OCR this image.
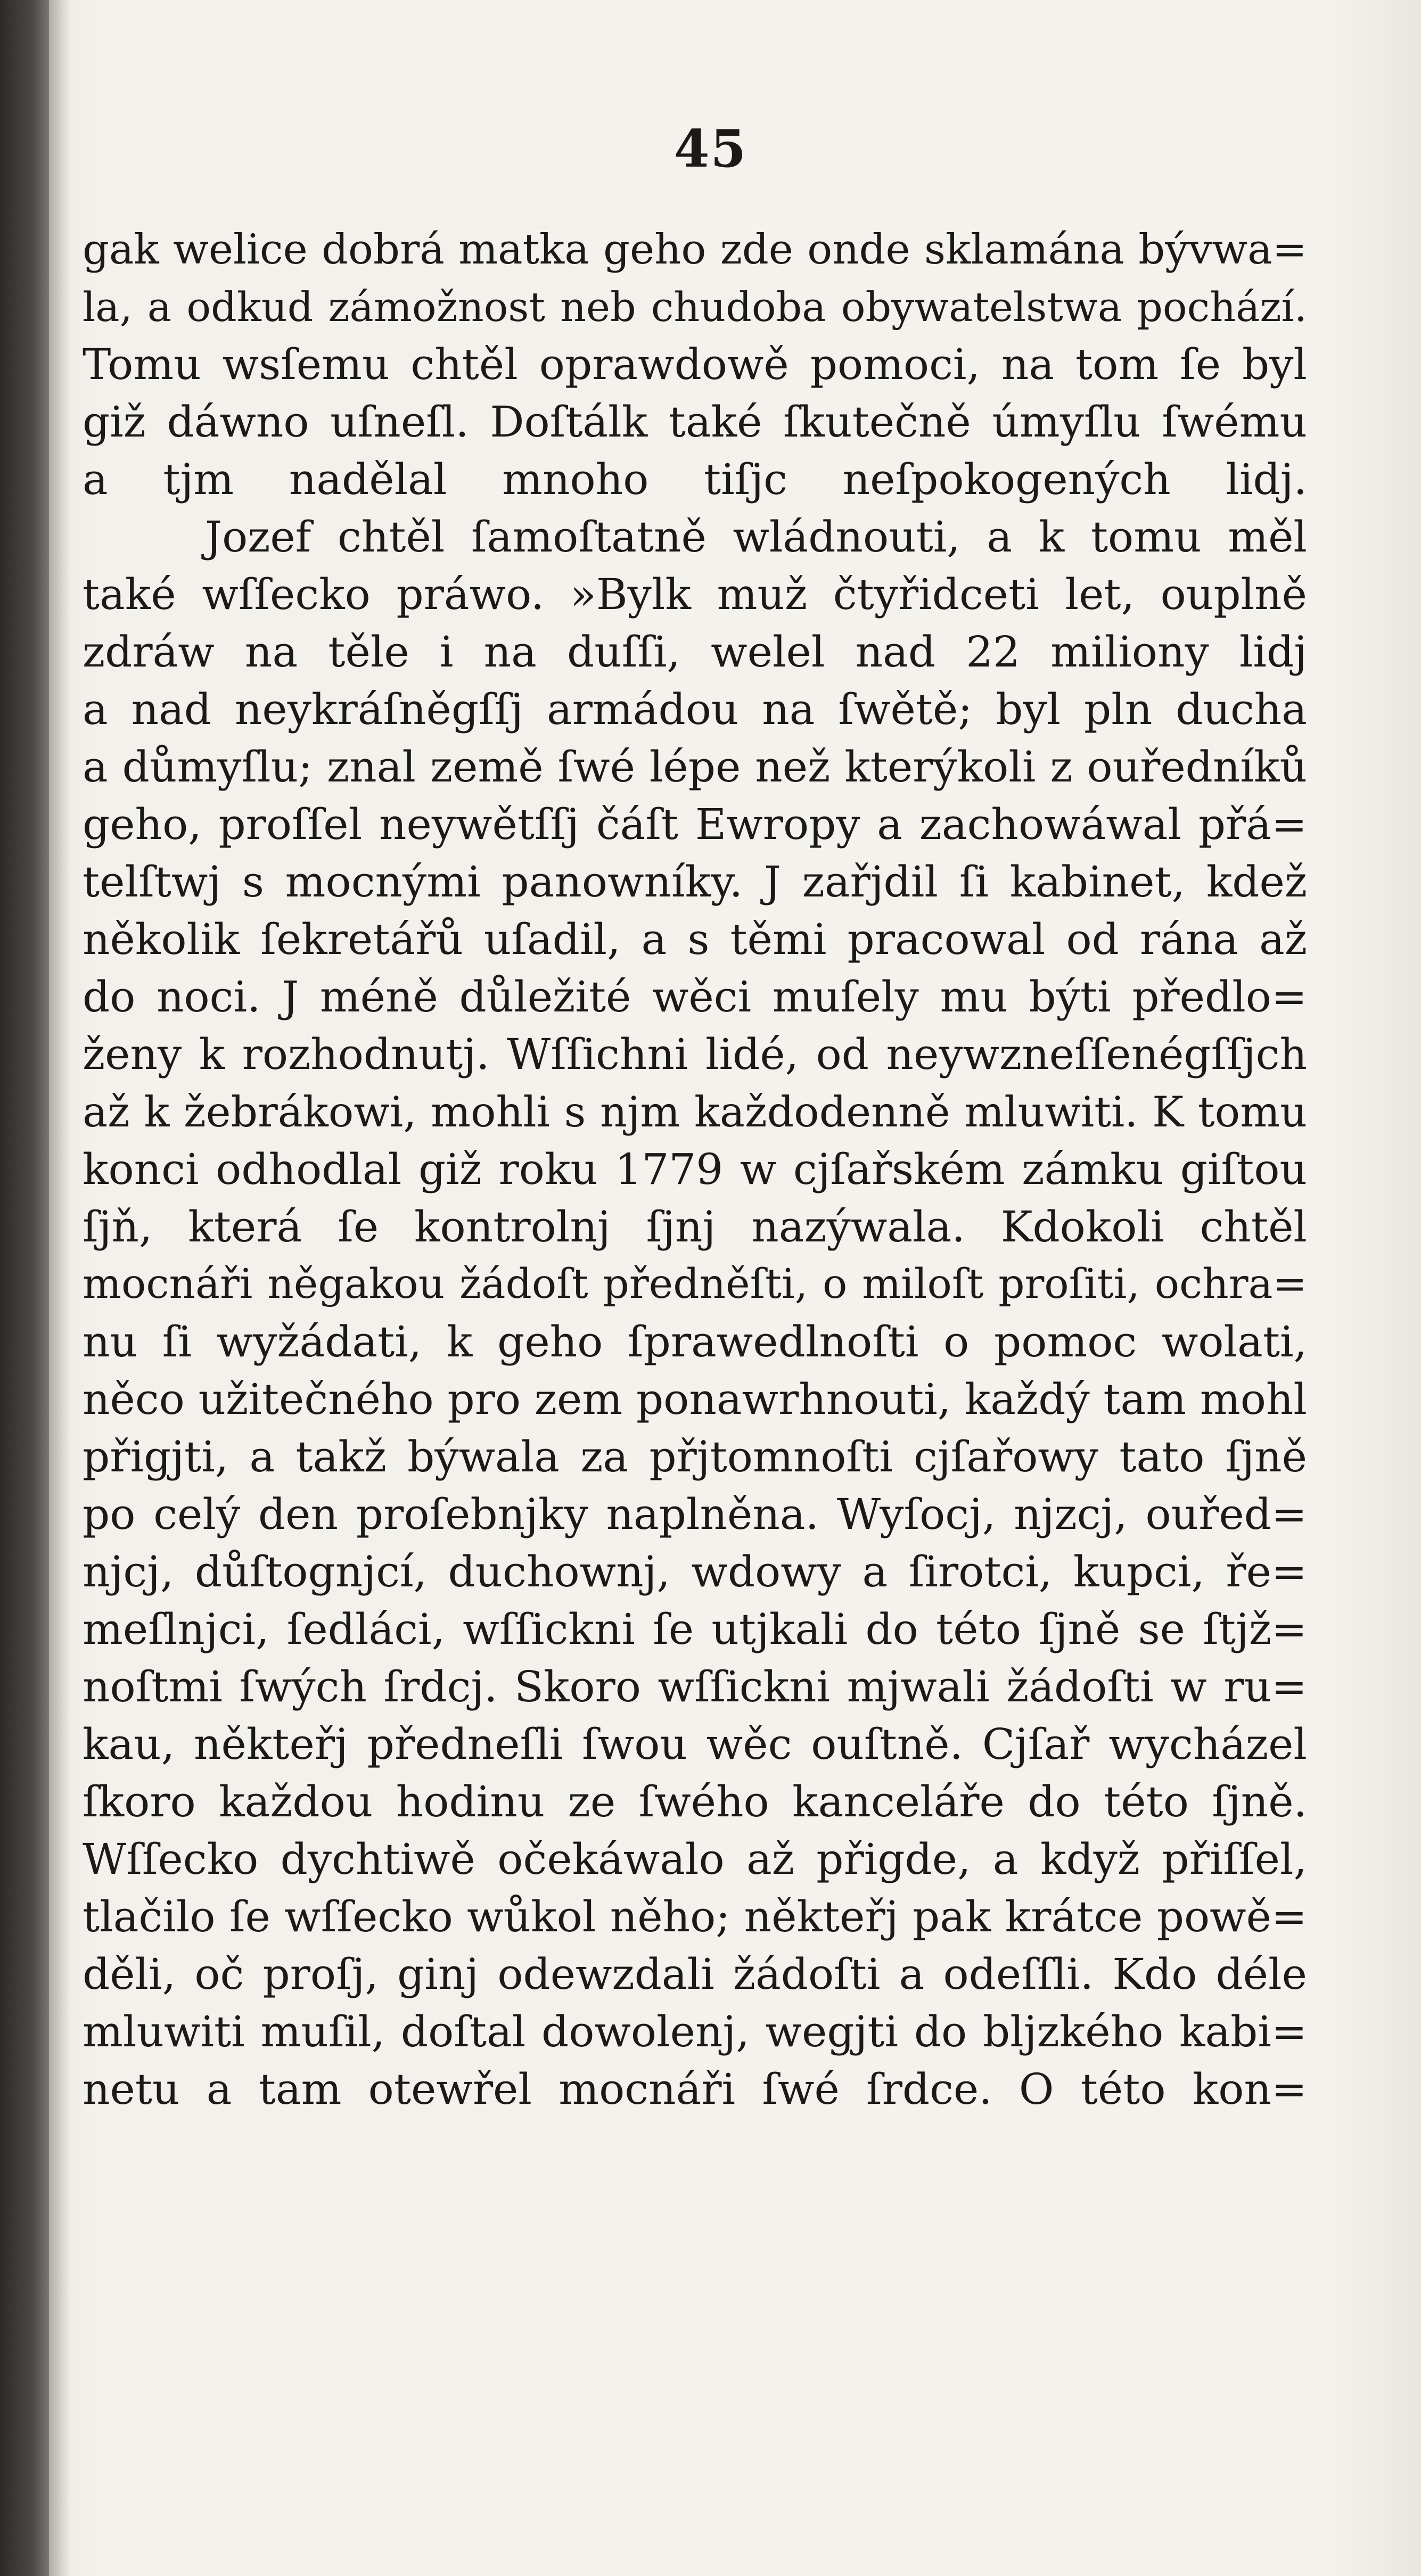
45
gak welice dobrá matka geho zde onde sklamána bývwa=
la, a odkud zámožnost neb chudoba obywatelstwa pochází.
Tomu wsſemu chtěl oprawdowě pomoci, na tom ſe byl
giž dáwno uſneſl. Doſtálk také ſkutečně úmyſlu ſwému
a tjm nadělal mnoho tiſjc neſpokogených lidj.
Jozef chtěl ſamoſtatně wládnouti, a k tomu měl
také wſſecko práwo. »Bylk muž čtyřidceti let, ouplně
zdráw na těle i na duſſi, welel nad 22 miliony lidj
a nad neykráſněgſſj armádou na ſwětě; byl pln ducha
a důmyſlu; znal země ſwé lépe než kterýkoli z ouředníků
geho, proſſel neywětſſj čáſt Ewropy a zachowáwal přá=
telſtwj s mocnými panowníky. J zařjdil ſi kabinet, kdež
několik ſekretářů uſadil, a s těmi pracowal od rána až
do noci. J méně důležité wěci muſely mu býti předlo=
ženy k rozhodnutj. Wſſichni lidé, od neywzneſſenégſſjch
až k žebrákowi, mohli s njm každodenně mluwiti. K tomu
konci odhodlal giž roku 1779 w cjſařském zámku giſtou
ſjň, která ſe kontrolnj ſjnj nazýwala. Kdokoli chtěl
mocnáři něgakou žádoſt předněſti, o miloſt proſiti, ochra=
nu ſi wyžádati, k geho ſprawedlnoſti o pomoc wolati,
něco užitečného pro zem ponawrhnouti, každý tam mohl
přigjti, a takž býwala za přjtomnoſti cjſařowy tato ſjně
po celý den proſebnjky naplněna. Wyſocj, njzcj, ouřed=
njcj, důſtognjcí, duchownj, wdowy a ſirotci, kupci, ře=
meſlnjci, ſedláci, wſſickni ſe utjkali do této ſjně se ſtjž=
noſtmi ſwých ſrdcj. Skoro wſſickni mjwali žádoſti w ru=
kau, někteřj předneſli ſwou wěc ouſtně. Cjſař wycházel
ſkoro každou hodinu ze ſwého kanceláře do této ſjně.
Wſſecko dychtiwě očekáwalo až přigde, a když přiſſel,
tlačilo ſe wſſecko wůkol něho; někteřj pak krátce powě=
děli, oč proſj, ginj odewzdali žádoſti a odeſſli. Kdo déle
mluwiti muſil, doſtal dowolenj, wegjti do bljzkého kabi=
netu a tam otewřel mocnáři ſwé ſrdce. O této kon=
